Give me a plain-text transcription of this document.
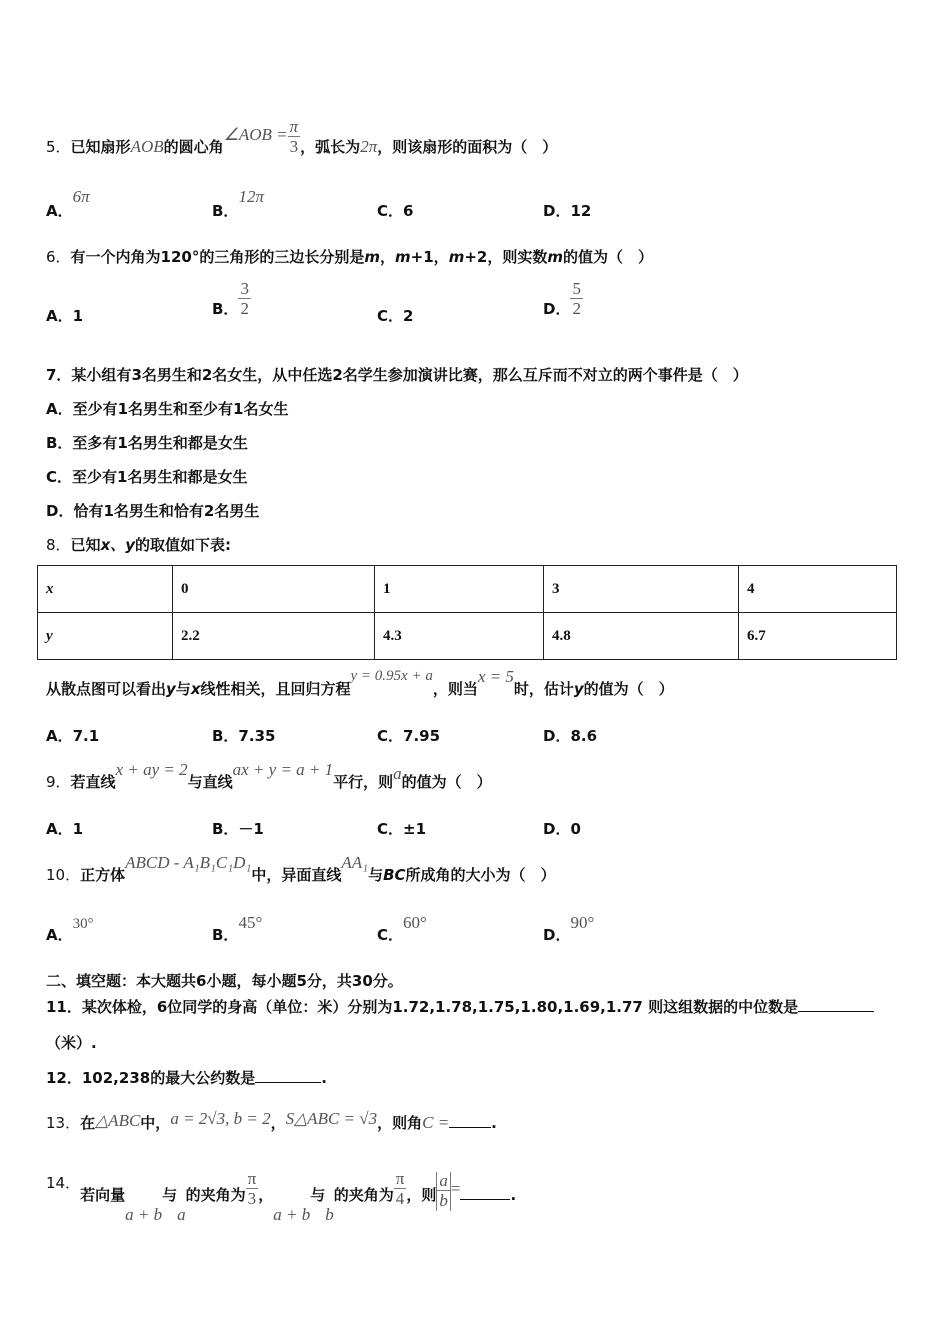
5．已知扇形AOB的圆心角∠AOB = $\frac{\pi}{3}$ ，弧长为2π，则该扇形的面积为（　）
A．6π
B．12π
C．6	D．12
6．有一个内角为120°的三角形的三边长分别是m，m+1，m+2，则实数m的值为（　）
A．1	B． $\frac{3}{2}$	C．2	D． $\frac{5}{2}$
7．某小组有3名男生和2名女生，从中任选2名学生参加演讲比赛，那么互斥而不对立的两个事件是（　）
A．至少有1名男生和至少有1名女生
B．至多有1名男生和都是女生
C．至少有1名男生和都是女生
D．恰有1名男生和恰有2名男生
8．已知x、y的取值如下表:
x	0	1	3	4
y	2.2	4.3	4.8	6.7
从散点图可以看出y与x线性相关，且回归方程y = 0.95x + a，则当x = 5时，估计y的值为（　）
A．7.1	B．7.35	C．7.95	D．8.6
9．若直线x + ay = 2与直线ax + y = a + 1平行，则a的值为（　）
A．1	B．－1	C．±1	D．0
10．正方体ABCD - A₁B₁C₁D₁中，异面直线AA₁与BC所成角的大小为（　）
A．30°
B．45°
C．60°
D．90°
二、填空题：本大题共6小题，每小题5分，共30分。
11．某次体检，6位同学的身高（单位：米）分别为1.72,1.78,1.75,1.80,1.69,1.77 则这组数据的中位数是
（米）.
12．102,238的最大公约数是	.
13．在△ABC中，a = 2√3, b = 2，S△ABC = √3，则角C =	.
14．若向量a + b与a的夹角为 $\frac{\pi}{3}$ ，a + b与b的夹角为 $\frac{\pi}{4}$ ，则 $\frac{a}{b}$ =	.
